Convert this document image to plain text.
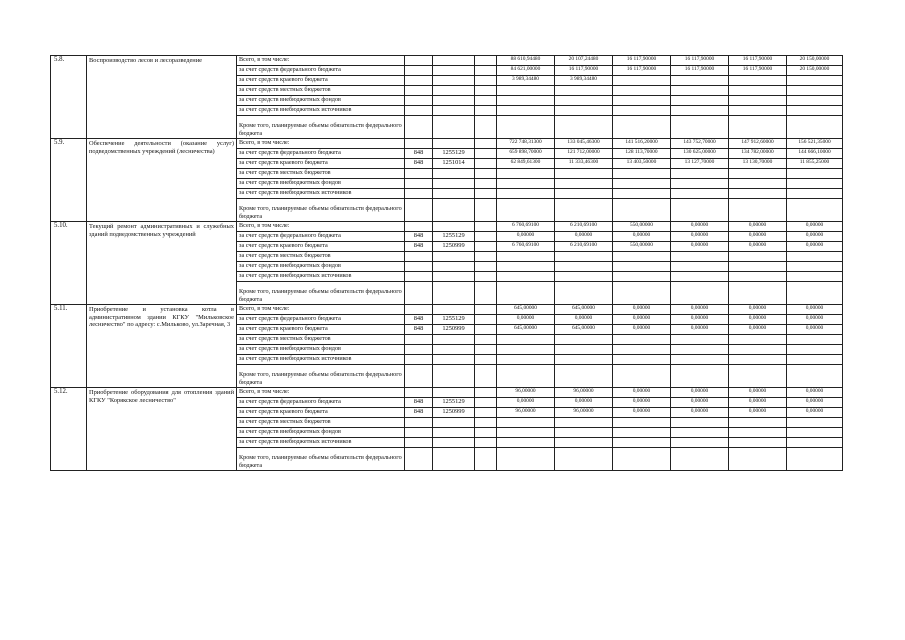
5.8.	Воспроизводство лесов и лесоразведение	Всего, в том числе:				88 610,94480	20 107,24480	16 117,90000	16 117,90000	16 117,90000	20 150,00000
		за счет средств федерального бюджета				84 621,00000	16 117,90000	16 117,90000	16 117,90000	16 117,90000	20 150,00000
		за счет средств краевого бюджета				3 989,34480	3 989,34480				
		за счет средств местных бюджетов									
		за счет средств внебюджетных фондов									
		за счет средств внебюджетных источников									
		Кроме того, планируемые объемы обязательств федерального бюджета									
5.9.	Обеспечение деятельности (оказание услуг) подведомственных учреждений (лесничества)	Всего, в том числе:				722 748,31300	133 045,46300	141 516,20000	143 752,70000	147 912,60000	156 521,35000
		за счет средств федерального бюджета	848	1255129		659 898,70000	121 712,00000	128 113,70000	130 625,00000	134 782,00000	144 666,10000
		за счет средств краевого бюджета	848	1251014		62 849,61300	11 333,46300	13 403,50000	13 127,70000	13 130,70000	11 855,25000
		за счет средств местных бюджетов									
		за счет средств внебюджетных фондов									
		за счет средств внебюджетных источников									
		Кроме того, планируемые объемы обязательств федерального бюджета									
5.10.	Текущий ремонт административных и служебных зданий подведомственных учреждений	Всего, в том числе:				6 760,69100	6 210,69100	550,00000	0,00000	0,00000	0,00000
		за счет средств федерального бюджета	848	1255129		0,00000	0,00000	0,00000	0,00000	0,00000	0,00000
		за счет средств краевого бюджета	848	1250999		6 760,69100	6 210,69100	550,00000	0,00000	0,00000	0,00000
		за счет средств местных бюджетов									
		за счет средств внебюджетных фондов									
		за счет средств внебюджетных источников									
		Кроме того, планируемые объемы обязательств федерального бюджета									
5.11.	Приобретение и установка котла в административном здании КГКУ "Мильковское лесничество" по адресу: с.Мильково, ул.Заречная, 3	Всего, в том числе:				645,00000	645,00000	0,00000	0,00000	0,00000	0,00000
		за счет средств федерального бюджета	848	1255129		0,00000	0,00000	0,00000	0,00000	0,00000	0,00000
		за счет средств краевого бюджета	848	1250999		645,00000	645,00000	0,00000	0,00000	0,00000	0,00000
		за счет средств местных бюджетов									
		за счет средств внебюджетных фондов									
		за счет средств внебюджетных источников									
		Кроме того, планируемые объемы обязательств федерального бюджета									
5.12.	Приобретение оборудования для отопления зданий КГКУ "Корякское лесничество"	Всего, в том числе:				96,00000	96,00000	0,00000	0,00000	0,00000	0,00000
		за счет средств федерального бюджета	848	1255129		0,00000	0,00000	0,00000	0,00000	0,00000	0,00000
		за счет средств краевого бюджета	848	1250999		96,00000	96,00000	0,00000	0,00000	0,00000	0,00000
		за счет средств местных бюджетов									
		за счет средств внебюджетных фондов									
		за счет средств внебюджетных источников									
		Кроме того, планируемые объемы обязательств федерального бюджета									
